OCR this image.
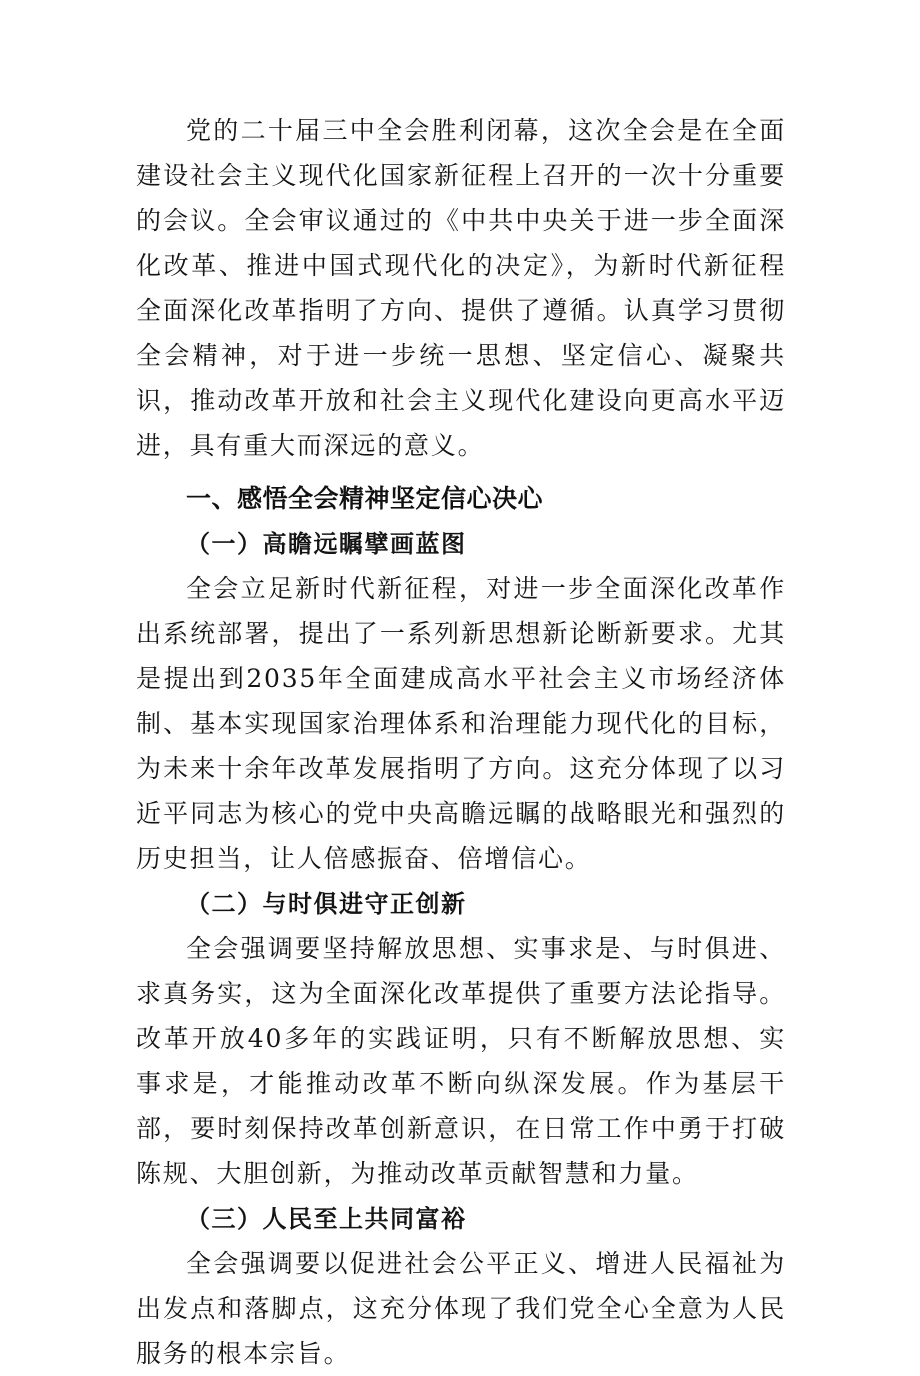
党的二十届三中全会胜利闭幕，这次全会是在全面建设社会主义现代化国家新征程上召开的一次十分重要的会议。全会审议通过的《中共中央关于进一步全面深化改革、推进中国式现代化的决定》，为新时代新征程全面深化改革指明了方向、提供了遵循。认真学习贯彻全会精神，对于进一步统一思想、坚定信心、凝聚共识，推动改革开放和社会主义现代化建设向更高水平迈进，具有重大而深远的意义。

一、感悟全会精神坚定信心决心
（一）高瞻远瞩擘画蓝图

全会立足新时代新征程，对进一步全面深化改革作出系统部署，提出了一系列新思想新论断新要求。尤其是提出到2035年全面建成高水平社会主义市场经济体制、基本实现国家治理体系和治理能力现代化的目标，为未来十余年改革发展指明了方向。这充分体现了以习近平同志为核心的党中央高瞻远瞩的战略眼光和强烈的历史担当，让人倍感振奋、倍增信心。

（二）与时俱进守正创新

全会强调要坚持解放思想、实事求是、与时俱进、求真务实，这为全面深化改革提供了重要方法论指导。改革开放40多年的实践证明，只有不断解放思想、实事求是，才能推动改革不断向纵深发展。作为基层干部，要时刻保持改革创新意识，在日常工作中勇于打破陈规、大胆创新，为推动改革贡献智慧和力量。

（三）人民至上共同富裕

全会强调要以促进社会公平正义、增进人民福祉为出发点和落脚点，这充分体现了我们党全心全意为人民服务的根本宗旨。
